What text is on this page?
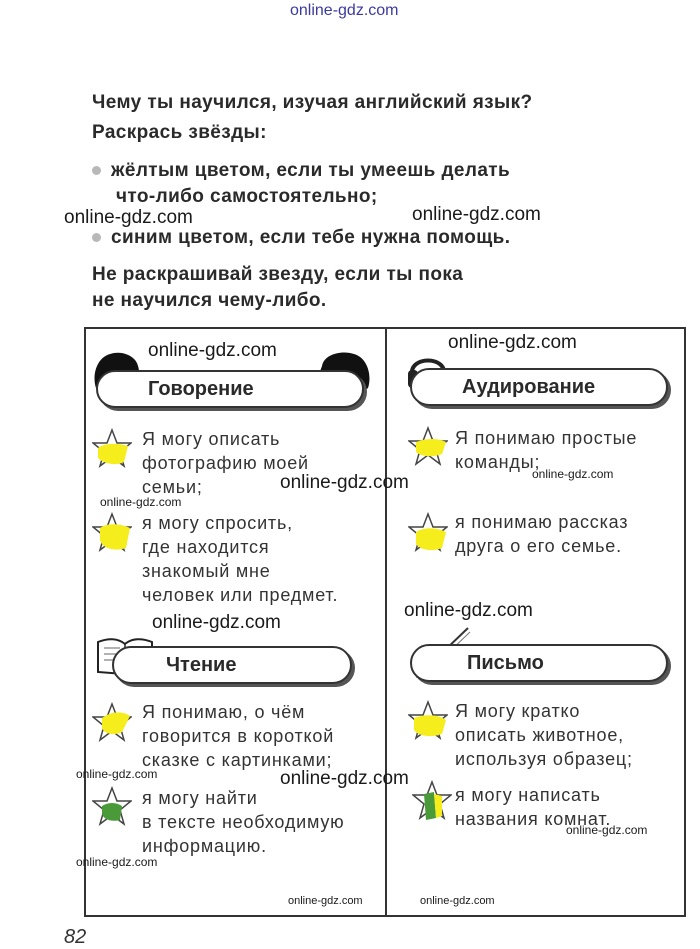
online-gdz.com
Чему ты научился, изучая английский язык?
Раскрась звёзды:
жёлтым цветом, если ты умеешь делать
что-либо самостоятельно;
синим цветом, если тебе нужна помощь.
Не раскрашивай звезду, если ты пока
не научился чему-либо.
Говорение
Я могу описать
фотографию моей
семьи;
я могу спросить,
где находится
знакомый мне
человек или предмет.
Аудирование
Я понимаю простые
команды;
я понимаю рассказ
друга о его семье.
Чтение
Я понимаю, о чём
говорится в короткой
сказке с картинками;
я могу найти
в тексте необходимую
информацию.
Письмо
Я могу кратко
описать животное,
используя образец;
я могу написать
названия комнат.
online-gdz.com	online-gdz.com
online-gdz.com	online-gdz.com
online-gdz.com
online-gdz.com
online-gdz.com
online-gdz.com
online-gdz.com
online-gdz.com	online-gdz.com
online-gdz.com
online-gdz.com
online-gdz.com	online-gdz.com
82
